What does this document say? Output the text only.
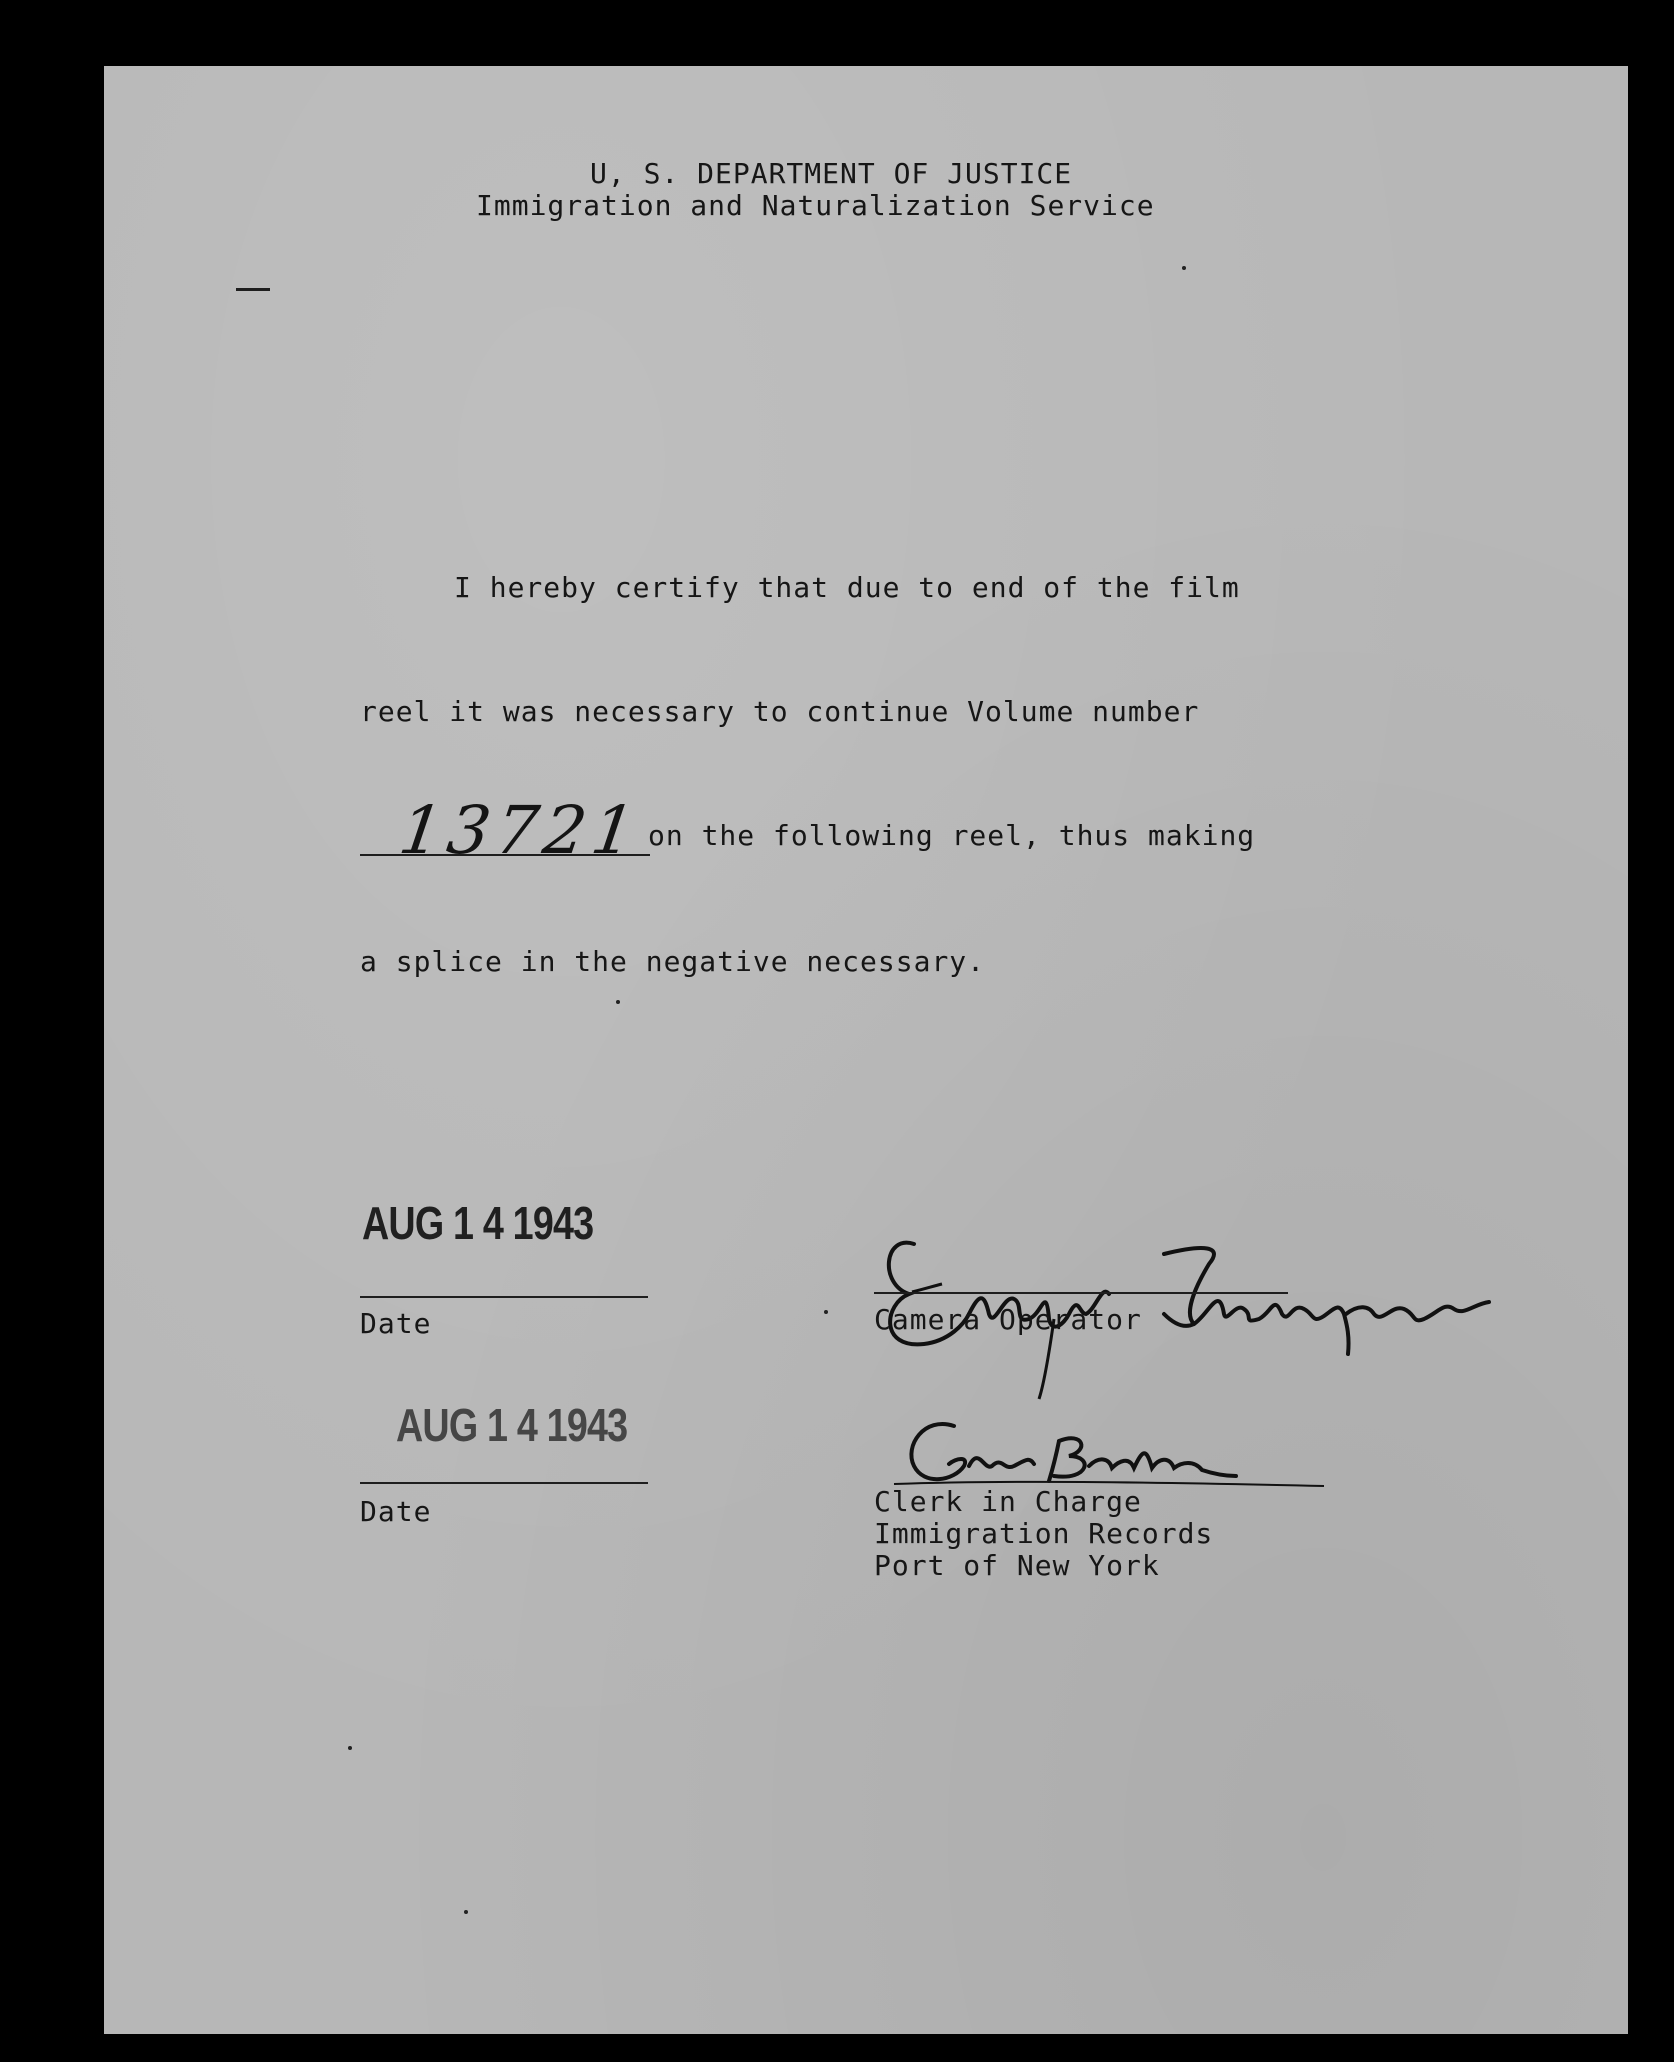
U, S. DEPARTMENT OF JUSTICE
Immigration and Naturalization Service
I hereby certify that due to end of the film
reel it was necessary to continue Volume number
13721 on the following reel, thus making
a splice in the negative necessary.
AUG 1 4 1943
Date	Camera Operator
AUG 1 4 1943
Date	Clerk in Charge
Immigration Records
Port of New York
